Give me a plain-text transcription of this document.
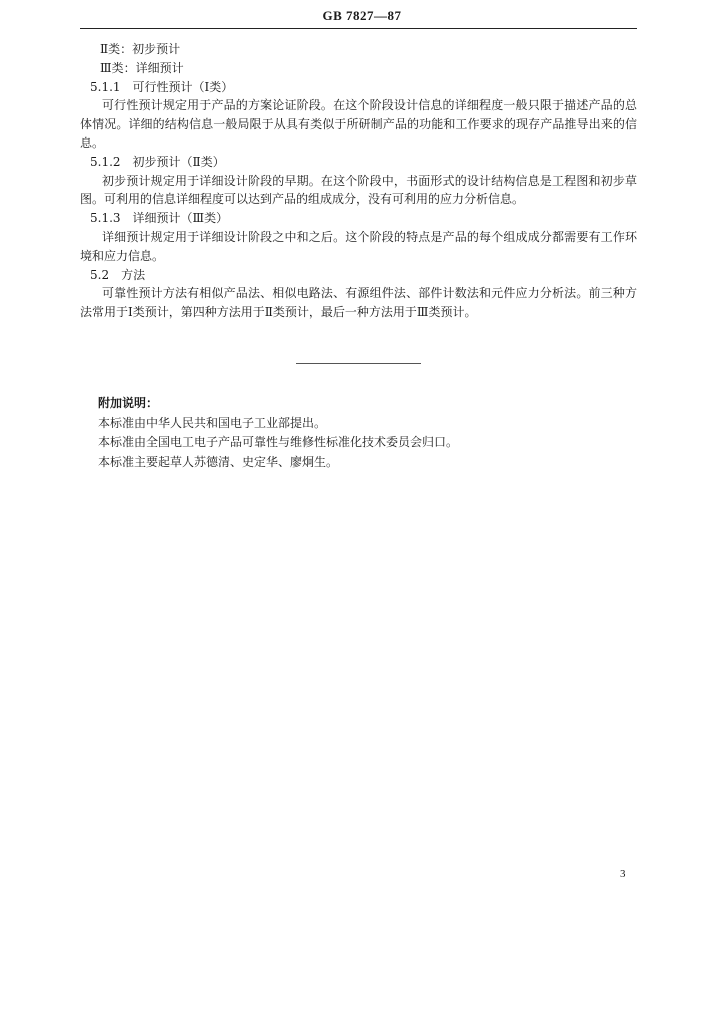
GB 7827—87
Ⅱ类：初步预计
Ⅲ类：详细预计
5.1.1　可行性预计（Ⅰ类）

可行性预计规定用于产品的方案论证阶段。在这个阶段设计信息的详细程度一般只限于描述产品的总体情况。详细的结构信息一般局限于从具有类似于所研制产品的功能和工作要求的现存产品推导出来的信息。

5.1.2　初步预计（Ⅱ类）

初步预计规定用于详细设计阶段的早期。在这个阶段中，书面形式的设计结构信息是工程图和初步草图。可利用的信息详细程度可以达到产品的组成成分，没有可利用的应力分析信息。

5.1.3　详细预计（Ⅲ类）

详细预计规定用于详细设计阶段之中和之后。这个阶段的特点是产品的每个组成成分都需要有工作环境和应力信息。

5.2　方法

可靠性预计方法有相似产品法、相似电路法、有源组件法、部件计数法和元件应力分析法。前三种方法常用于Ⅰ类预计，第四种方法用于Ⅱ类预计，最后一种方法用于Ⅲ类预计。

附加说明：
本标准由中华人民共和国电子工业部提出。
本标准由全国电工电子产品可靠性与维修性标准化技术委员会归口。
本标准主要起草人苏德清、史定华、廖炯生。
3
